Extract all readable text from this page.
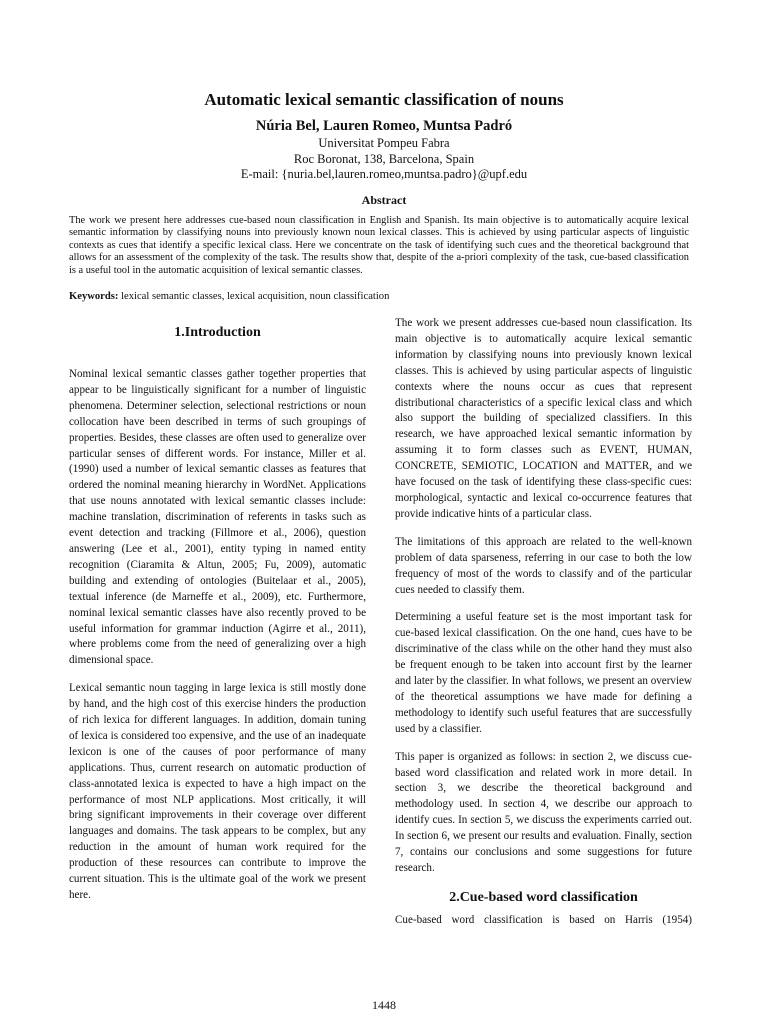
Automatic lexical semantic classification of nouns
Núria Bel, Lauren Romeo, Muntsa Padró
Universitat Pompeu Fabra
Roc Boronat, 138, Barcelona, Spain
E-mail: {nuria.bel,lauren.romeo,muntsa.padro}@upf.edu
Abstract
The work we present here addresses cue-based noun classification in English and Spanish. Its main objective is to automatically acquire lexical semantic information by classifying nouns into previously known noun lexical classes. This is achieved by using particular aspects of linguistic contexts as cues that identify a specific lexical class. Here we concentrate on the task of identifying such cues and the theoretical background that allows for an assessment of the complexity of the task. The results show that, despite of the a-priori complexity of the task, cue-based classification is a useful tool in the automatic acquisition of lexical semantic classes.
Keywords: lexical semantic classes, lexical acquisition, noun classification
1.Introduction

Nominal lexical semantic classes gather together properties that appear to be linguistically significant for a number of linguistic phenomena. Determiner selection, selectional restrictions or noun collocation have been described in terms of such groupings of properties. Besides, these classes are often used to generalize over particular senses of different words. For instance, Miller et al. (1990) used a number of lexical semantic classes as features that ordered the nominal meaning hierarchy in WordNet. Applications that use nouns annotated with lexical semantic classes include: machine translation, discrimination of referents in tasks such as event detection and tracking (Fillmore et al., 2006), question answering (Lee et al., 2001), entity typing in named entity recognition (Ciaramita & Altun, 2005; Fu, 2009), automatic building and extending of ontologies (Buitelaar et al., 2005), textual inference (de Marneffe et al., 2009), etc. Furthermore, nominal lexical semantic classes have also recently proved to be useful information for grammar induction (Agirre et al., 2011), where problems come from the need of generalizing over a high dimensional space.

Lexical semantic noun tagging in large lexica is still mostly done by hand, and the high cost of this exercise hinders the production of rich lexica for different languages. In addition, domain tuning of lexica is considered too expensive, and the use of an inadequate lexicon is one of the causes of poor performance of many applications. Thus, current research on automatic production of class-annotated lexica is expected to have a high impact on the performance of most NLP applications. Most critically, it will bring significant improvements in their coverage over different languages and domains. The task appears to be complex, but any reduction in the amount of human work required for the production of these resources can contribute to improve the current situation. This is the ultimate goal of the work we present here.

The work we present addresses cue-based noun classification. Its main objective is to automatically acquire lexical semantic information by classifying nouns into previously known lexical classes. This is achieved by using particular aspects of linguistic contexts where the nouns occur as cues that represent distributional characteristics of a specific lexical class and which also support the building of specialized classifiers. In this research, we have approached lexical semantic information by assuming it to form classes such as EVENT, HUMAN, CONCRETE, SEMIOTIC, LOCATION and MATTER, and we have focused on the task of identifying these class-specific cues: morphological, syntactic and lexical co-occurrence features that provide indicative hints of a particular class.

The limitations of this approach are related to the well-known problem of data sparseness, referring in our case to both the low frequency of most of the words to classify and of the particular cues needed to classify them.

Determining a useful feature set is the most important task for cue-based lexical classification. On the one hand, cues have to be discriminative of the class while on the other hand they must also be frequent enough to be taken into account first by the learner and later by the classifier. In what follows, we present an overview of the theoretical assumptions we have made for defining a methodology to identify such useful features that are successfully used by a classifier.

This paper is organized as follows: in section 2, we discuss cue-based word classification and related work in more detail. In section 3, we describe the theoretical background and methodology used. In section 4, we describe our approach to identify cues. In section 5, we discuss the experiments carried out. In section 6, we present our results and evaluation. Finally, section 7, contains our conclusions and some suggestions for future research.

2.Cue-based word classification

Cue-based word classification is based on Harris (1954)

1448
